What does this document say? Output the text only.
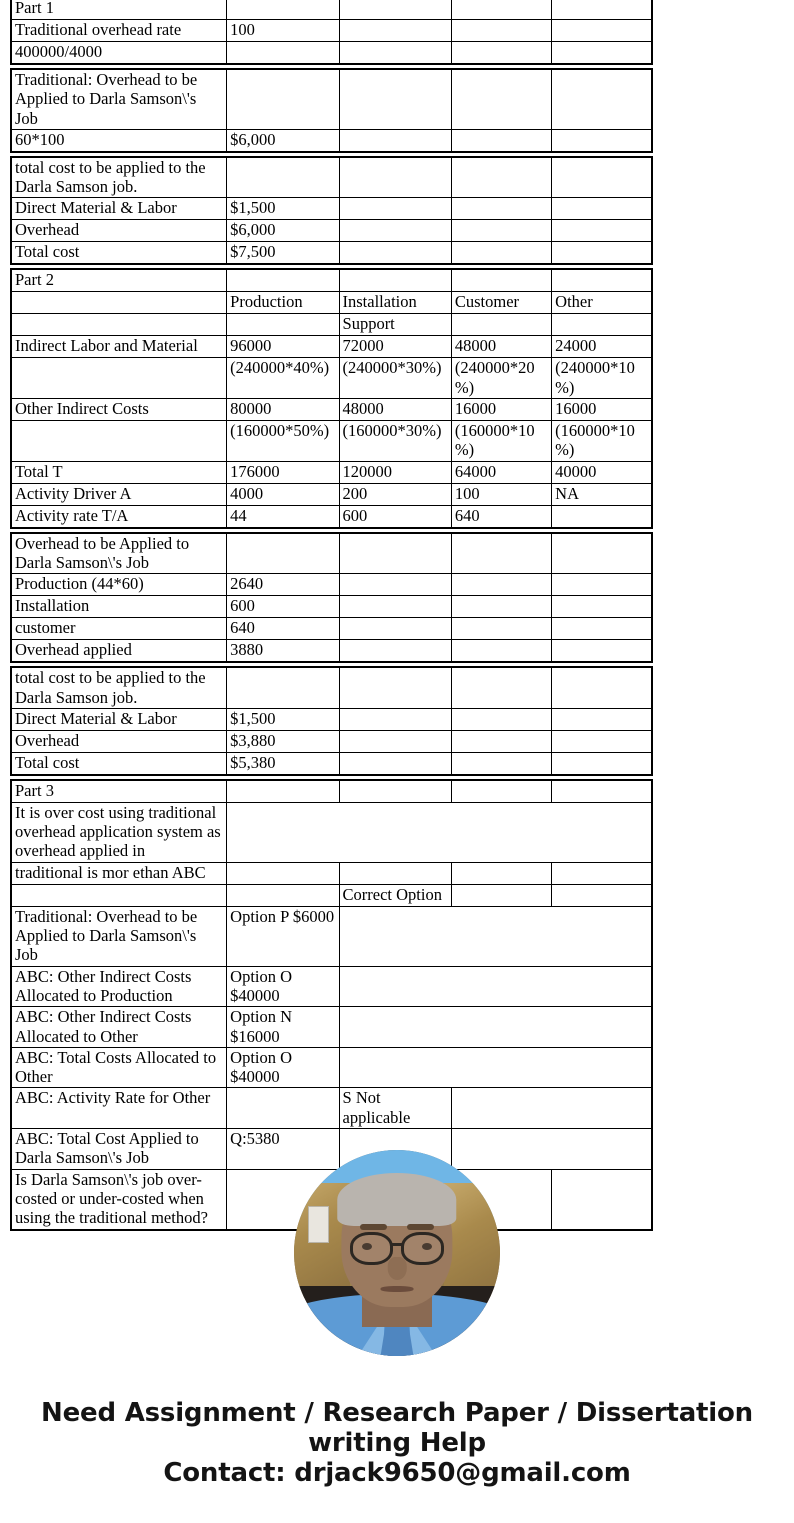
Part 1				
Traditional overhead rate	100			
400000/4000				
Traditional: Overhead to be Applied to Darla Samson\'s Job				
60*100	$6,000			
total cost to be applied to the Darla Samson job.				
Direct Material & Labor	$1,500			
Overhead	$6,000			
Total cost	$7,500			
Part 2				
	Production	Installation	Customer	Other
		Support		
Indirect Labor and Material	96000	72000	48000	24000
	(240000*40%)	(240000*30%)	(240000*20%)	(240000*10%)
Other Indirect Costs	80000	48000	16000	16000
	(160000*50%)	(160000*30%)	(160000*10%)	(160000*10%)
Total T	176000	120000	64000	40000
Activity Driver A	4000	200	100	NA
Activity rate T/A	44	600	640	
Overhead to be Applied to Darla Samson\'s Job				
Production (44*60)	2640			
Installation	600			
customer	640			
Overhead applied	3880			
total cost to be applied to the Darla Samson job.				
Direct Material & Labor	$1,500			
Overhead	$3,880			
Total cost	$5,380			
Part 3				
It is over cost using traditional overhead application system as overhead applied in				
traditional is mor ethan ABC				
		Correct Option		
Traditional: Overhead to be Applied to Darla Samson\'s Job	Option P $6000			
ABC: Other Indirect Costs Allocated to Production	Option O $40000			
ABC: Other Indirect Costs Allocated to Other	Option N $16000			
ABC: Total Costs Allocated to Other	Option O $40000			
ABC: Activity Rate for Other		S Not applicable		
ABC: Total Cost Applied to Darla Samson\'s Job	Q:5380			
Is Darla Samson\'s job over-costed or under-costed when using the traditional method?				
Need Assignment / Research Paper / Dissertation
writing Help
Contact: drjack9650@gmail.com
